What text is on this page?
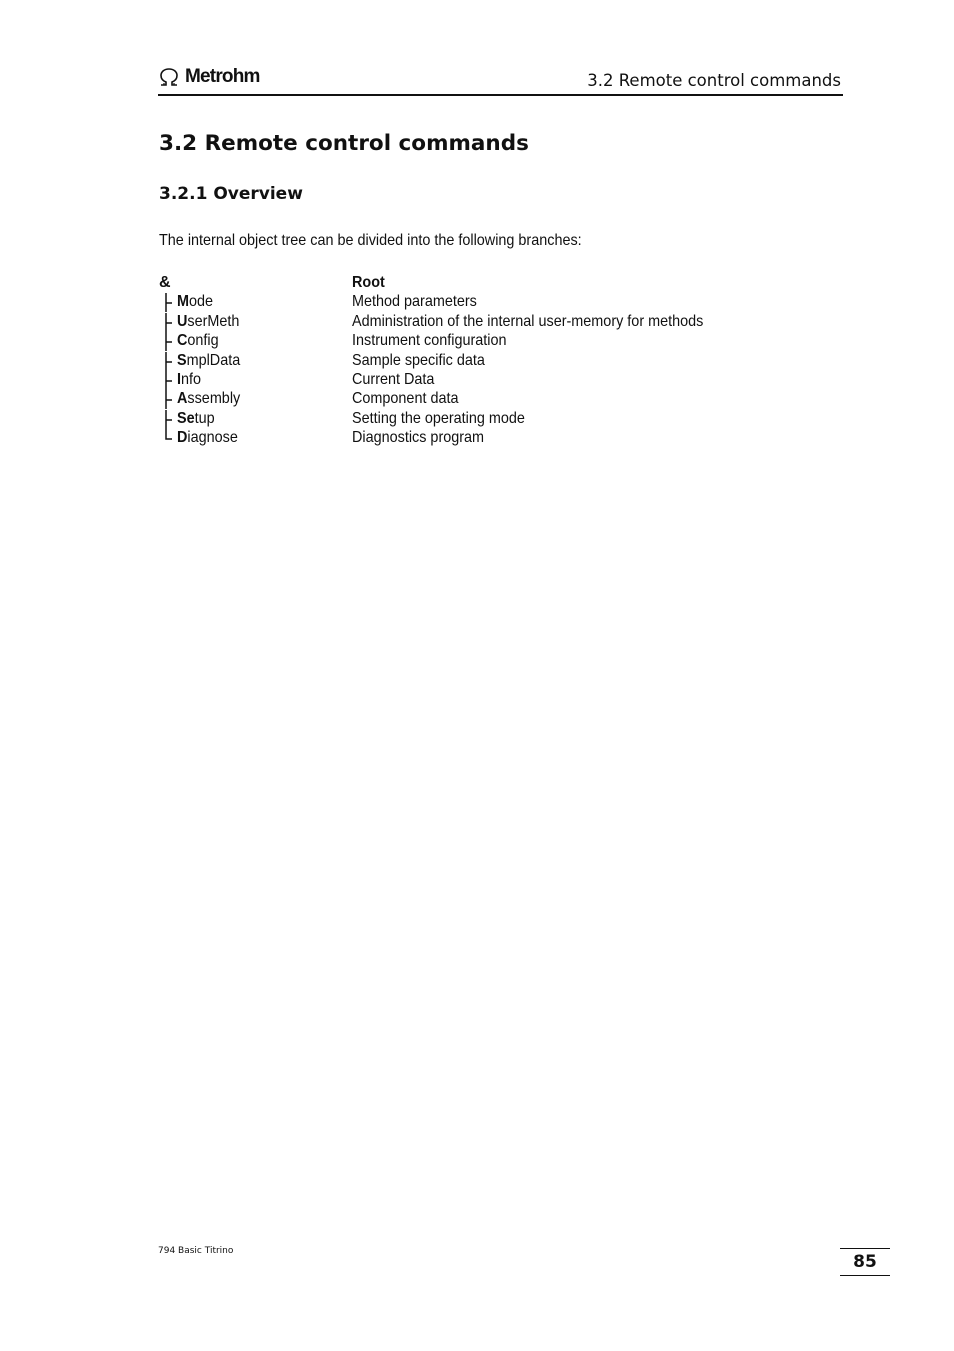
Metrohm	3.2 Remote control commands
3.2 Remote control commands
3.2.1 Overview
The internal object tree can be divided into the following branches:
&	Root
Mode	Method parameters
UserMeth	Administration of the internal user-memory for methods
Config	Instrument configuration
SmplData	Sample specific data
Info	Current Data
Assembly	Component data
Setup	Setting the operating mode
Diagnose	Diagnostics program
794 Basic Titrino
85
